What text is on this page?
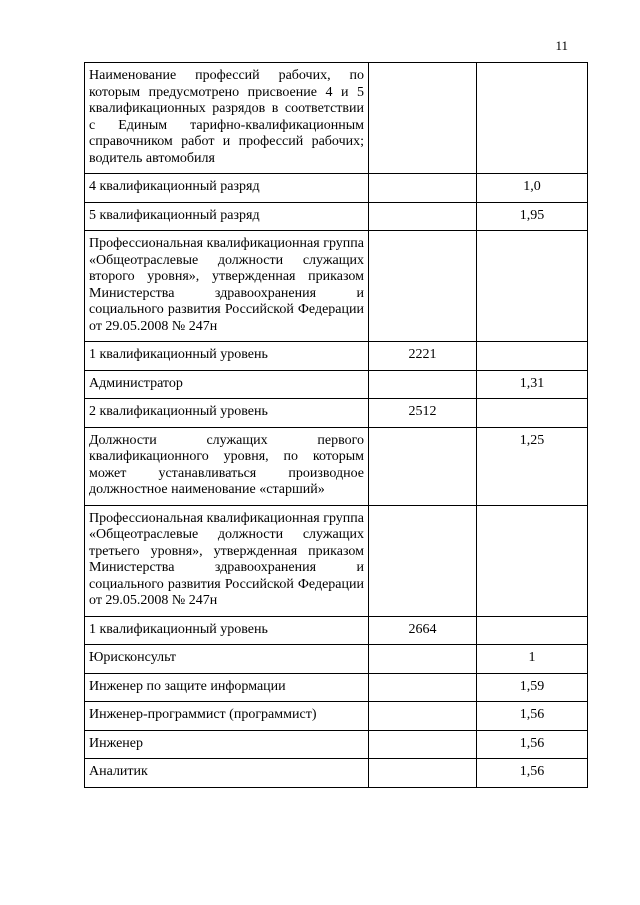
11
Наименование профессий рабочих, по которым предусмотрено присвоение 4 и 5 квалификационных разрядов в соответствии с Единым тарифно-квалификационным справочником работ и профессий рабочих; водитель автомобиля		
4 квалификационный разряд		1,0
5 квалификационный разряд		1,95
Профессиональная квалификационная группа «Общеотраслевые должности служащих второго уровня», утвержденная приказом Министерства здравоохранения и социального развития Российской Федерации от 29.05.2008 № 247н		
1 квалификационный уровень	2221	
Администратор		1,31
2 квалификационный уровень	2512	
Должности служащих первого квалификационного уровня, по которым может устанавливаться производное должностное наименование «старший»		1,25
Профессиональная квалификационная группа «Общеотраслевые должности служащих третьего уровня», утвержденная приказом Министерства здравоохранения и социального развития Российской Федерации от 29.05.2008 № 247н		
1 квалификационный уровень	2664	
Юрисконсульт		1
Инженер по защите информации		1,59
Инженер-программист (программист)		1,56
Инженер		1,56
Аналитик		1,56
